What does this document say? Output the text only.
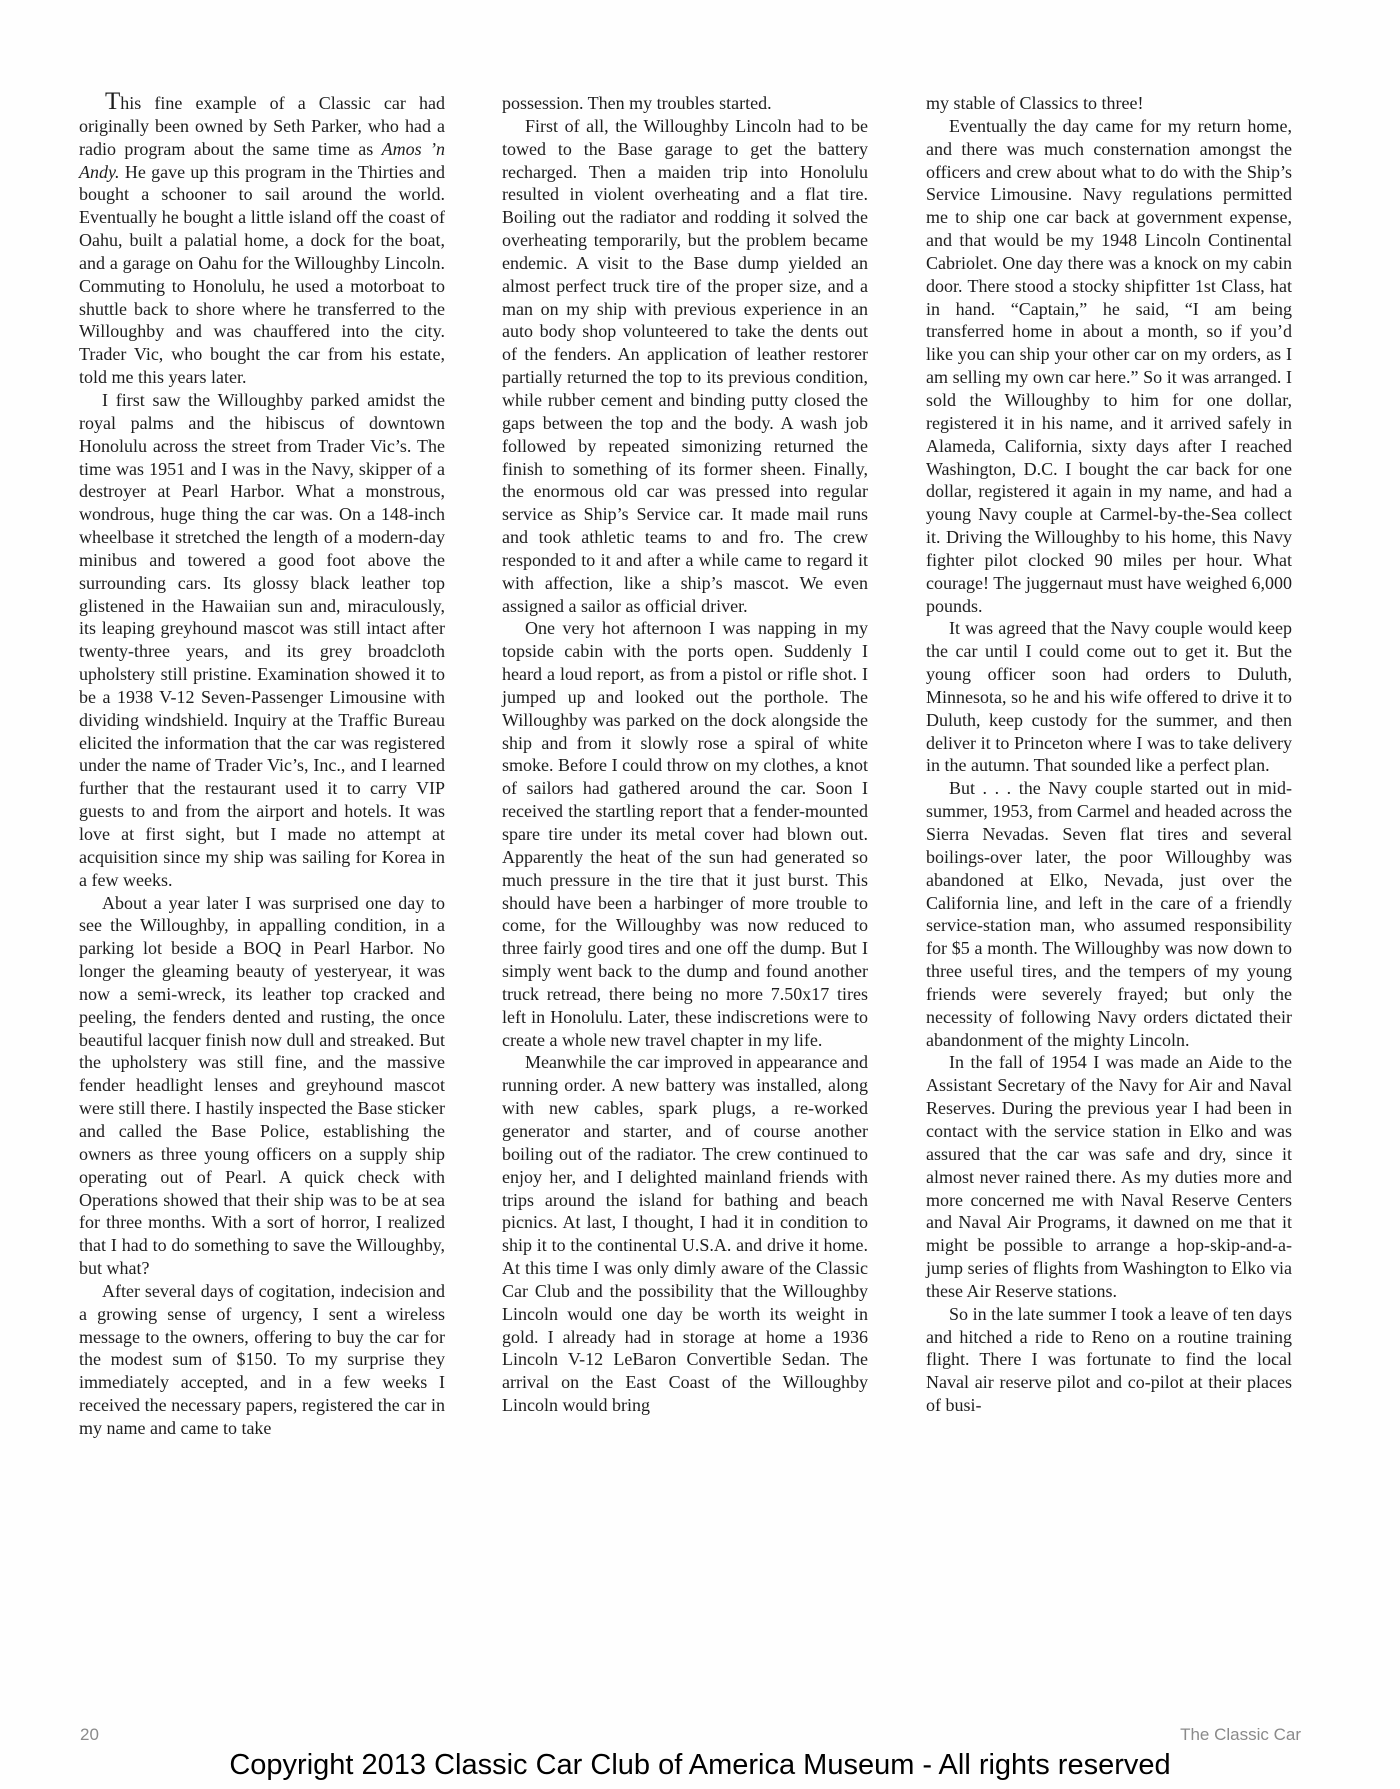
This fine example of a Classic car had originally been owned by Seth Parker, who had a radio program about the same time as Amos ’n Andy. He gave up this program in the Thirties and bought a schooner to sail around the world. Eventually he bought a little island off the coast of Oahu, built a palatial home, a dock for the boat, and a garage on Oahu for the Willoughby Lincoln. Commuting to Honolulu, he used a motorboat to shuttle back to shore where he transferred to the Willoughby and was chauffered into the city. Trader Vic, who bought the car from his estate, told me this years later.

I first saw the Willoughby parked amidst the royal palms and the hibiscus of downtown Honolulu across the street from Trader Vic’s. The time was 1951 and I was in the Navy, skipper of a destroyer at Pearl Harbor. What a monstrous, wondrous, huge thing the car was. On a 148-inch wheelbase it stretched the length of a modern-day minibus and towered a good foot above the surrounding cars. Its glossy black leather top glistened in the Hawaiian sun and, miraculously, its leaping greyhound mascot was still intact after twenty-three years, and its grey broadcloth upholstery still pristine. Examination showed it to be a 1938 V-12 Seven-Passenger Limousine with dividing windshield. Inquiry at the Traffic Bureau elicited the information that the car was registered under the name of Trader Vic’s, Inc., and I learned further that the restaurant used it to carry VIP guests to and from the airport and hotels. It was love at first sight, but I made no attempt at acquisition since my ship was sailing for Korea in a few weeks.

About a year later I was surprised one day to see the Willoughby, in appalling condition, in a parking lot beside a BOQ in Pearl Harbor. No longer the gleaming beauty of yesteryear, it was now a semi-wreck, its leather top cracked and peeling, the fenders dented and rusting, the once beautiful lacquer finish now dull and streaked. But the upholstery was still fine, and the massive fender headlight lenses and greyhound mascot were still there. I hastily inspected the Base sticker and called the Base Police, establishing the owners as three young officers on a supply ship operating out of Pearl. A quick check with Operations showed that their ship was to be at sea for three months. With a sort of horror, I realized that I had to do something to save the Willoughby, but what?

After several days of cogitation, indecision and a growing sense of urgency, I sent a wireless message to the owners, offering to buy the car for the modest sum of $150. To my surprise they immediately accepted, and in a few weeks I received the necessary papers, registered the car in my name and came to take

possession. Then my troubles started.

First of all, the Willoughby Lincoln had to be towed to the Base garage to get the battery recharged. Then a maiden trip into Honolulu resulted in violent overheating and a flat tire. Boiling out the radiator and rodding it solved the overheating temporarily, but the problem became endemic. A visit to the Base dump yielded an almost perfect truck tire of the proper size, and a man on my ship with previous experience in an auto body shop volunteered to take the dents out of the fenders. An application of leather restorer partially returned the top to its previous condition, while rubber cement and binding putty closed the gaps between the top and the body. A wash job followed by repeated simonizing returned the finish to something of its former sheen. Finally, the enormous old car was pressed into regular service as Ship’s Service car. It made mail runs and took athletic teams to and fro. The crew responded to it and after a while came to regard it with affection, like a ship’s mascot. We even assigned a sailor as official driver.

One very hot afternoon I was napping in my topside cabin with the ports open. Suddenly I heard a loud report, as from a pistol or rifle shot. I jumped up and looked out the porthole. The Willoughby was parked on the dock alongside the ship and from it slowly rose a spiral of white smoke. Before I could throw on my clothes, a knot of sailors had gathered around the car. Soon I received the startling report that a fender-mounted spare tire under its metal cover had blown out. Apparently the heat of the sun had generated so much pressure in the tire that it just burst. This should have been a harbinger of more trouble to come, for the Willoughby was now reduced to three fairly good tires and one off the dump. But I simply went back to the dump and found another truck retread, there being no more 7.50x17 tires left in Honolulu. Later, these indiscretions were to create a whole new travel chapter in my life.

Meanwhile the car improved in appearance and running order. A new battery was installed, along with new cables, spark plugs, a re-worked generator and starter, and of course another boiling out of the radiator. The crew continued to enjoy her, and I delighted mainland friends with trips around the island for bathing and beach picnics. At last, I thought, I had it in condition to ship it to the continental U.S.A. and drive it home. At this time I was only dimly aware of the Classic Car Club and the possibility that the Willoughby Lincoln would one day be worth its weight in gold. I already had in storage at home a 1936 Lincoln V-12 LeBaron Convertible Sedan. The arrival on the East Coast of the Willoughby Lincoln would bring

my stable of Classics to three!

Eventually the day came for my return home, and there was much consternation amongst the officers and crew about what to do with the Ship’s Service Limousine. Navy regulations permitted me to ship one car back at government expense, and that would be my 1948 Lincoln Continental Cabriolet. One day there was a knock on my cabin door. There stood a stocky shipfitter 1st Class, hat in hand. “Captain,” he said, “I am being transferred home in about a month, so if you’d like you can ship your other car on my orders, as I am selling my own car here.” So it was arranged. I sold the Willoughby to him for one dollar, registered it in his name, and it arrived safely in Alameda, California, sixty days after I reached Washington, D.C. I bought the car back for one dollar, registered it again in my name, and had a young Navy couple at Carmel-by-the-Sea collect it. Driving the Willoughby to his home, this Navy fighter pilot clocked 90 miles per hour. What courage! The juggernaut must have weighed 6,000 pounds.

It was agreed that the Navy couple would keep the car until I could come out to get it. But the young officer soon had orders to Duluth, Minnesota, so he and his wife offered to drive it to Duluth, keep custody for the summer, and then deliver it to Princeton where I was to take delivery in the autumn. That sounded like a perfect plan.

But . . . the Navy couple started out in mid-summer, 1953, from Carmel and headed across the Sierra Nevadas. Seven flat tires and several boilings-over later, the poor Willoughby was abandoned at Elko, Nevada, just over the California line, and left in the care of a friendly service-station man, who assumed responsibility for $5 a month. The Willoughby was now down to three useful tires, and the tempers of my young friends were severely frayed; but only the necessity of following Navy orders dictated their abandonment of the mighty Lincoln.

In the fall of 1954 I was made an Aide to the Assistant Secretary of the Navy for Air and Naval Reserves. During the previous year I had been in contact with the service station in Elko and was assured that the car was safe and dry, since it almost never rained there. As my duties more and more concerned me with Naval Reserve Centers and Naval Air Programs, it dawned on me that it might be possible to arrange a hop-skip-and-a-jump series of flights from Washington to Elko via these Air Reserve stations.

So in the late summer I took a leave of ten days and hitched a ride to Reno on a routine training flight. There I was fortunate to find the local Naval air reserve pilot and co-pilot at their places of busi-

20	The Classic Car
Copyright 2013 Classic Car Club of America Museum - All rights reserved
